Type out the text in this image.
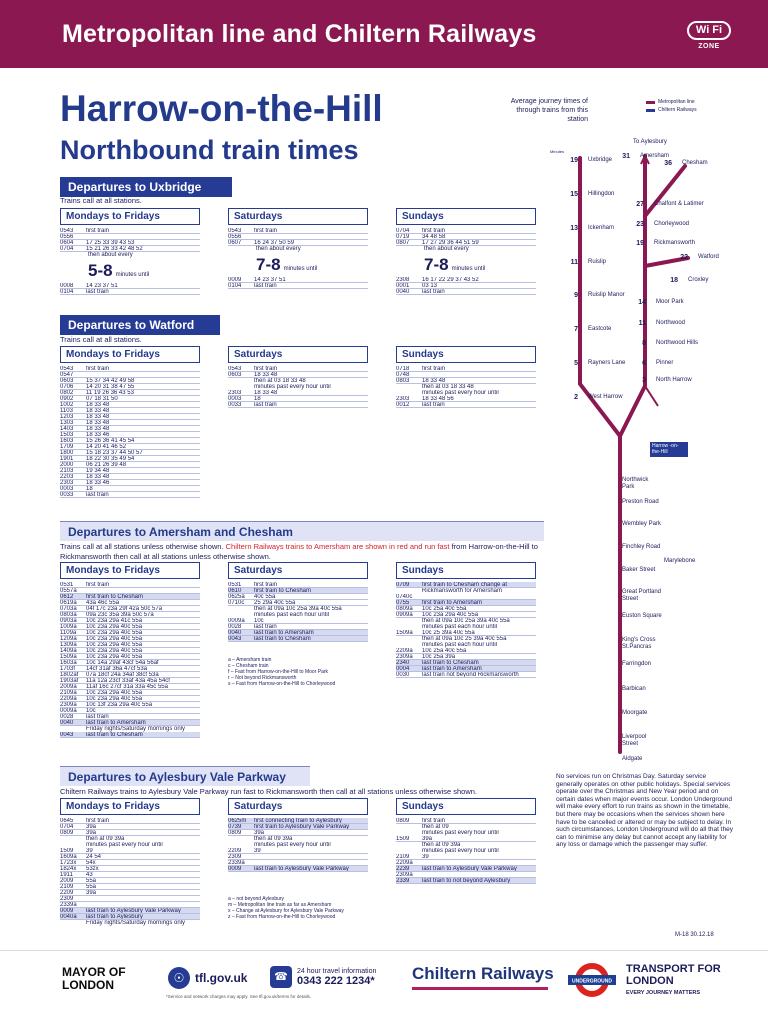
Metropolitan line and Chiltern Railways	Wi Fi
ZONE
Harrow-on-the-Hill
Northbound train times
Average journey times of through trains from this station
Metropolitan line
Chiltern Railways
Departures to Uxbridge
Trains call at all stations.
Mondays to Fridays
0543	first train
0556
0604	17 25 33 39 43 53
0704	15 21 26 33 42 48 52
then about every
5-8 minutes until
0008	14 23 37 51
0104	last train
Saturdays
0543	first train
0556
0607	16 24 37 50 59
then about every
7-8 minutes until
0009	14 23 37 51
0104	last train
Sundays
0704	first train
0719	34 48 58
0807	17 27 29 36 44 51 59
then about every
7-8 minutes until
2308	16 17 22 29 37 43 52
0001	03 13
0040	last train
Departures to Watford
Trains call at all stations.
Mondays to Fridays
0543	first train
0547
0603	15 37 34 42 49 58
0706	14 20 31 38 47 55
0802	11 19 26 36 43 53
0902	07 18 31 50
1002	18 33 48
1103	18 33 48
1203	18 33 48
1303	18 33 48
1403	18 33 48
1503	18 33 46
1603	15 26 36 41 45 54
1709	14 20 41 46 52
1800	15 18 23 37 44 50 57
1901	18 22 30 35 49 54
2000	06 21 26 39 48
2103	19 34 48
2203	18 33 48
2303	18 33 46
0003	18
0033	last train
Saturdays
0543	first train
0603	18 33 48
then at 03 18 33 48
minutes past every hour until
2303	18 33 48
0003	18
0033	last train
Sundays
0718	first train
0748
0803	18 33 48
then at 03 18 33 48
minutes past every hour until
2303	18 33 48 56
0012	last train
Departures to Amersham and Chesham
Trains call at all stations unless otherwise shown. Chiltern Railways trains to Amersham are shown in red and run fast from Harrow-on-the-Hill to Rickmansworth then call at all stations unless otherwise shown.
Mondays to Fridays
0531	first train
0557a
0612	first train to Chesham
0619a	43a 46c 55a
0703a	04f 17c 23a 29f 42a 50c 57a
0803a	09a 23c 35a 39a 50c 57a
0903a	10c 23a 29a 41c 55a
1009a	10c 23a 29a 40c 55a
1109a	10c 23a 29a 40c 55a
1209a	10c 23a 29a 40c 55a
1309a	10c 23a 29a 40c 55a
1409a	10c 23a 29a 40c 55a
1509a	10c 23a 29a 40c 55a
1603a	10c 14a 29af 43cf 54a 56af
1703f	14cf 31af 36a 47cf 53a
1802af	07a 18cf 24a 34af 38cf 53a
1903af	11a 12a 23cf 33af 43a 45a 54cf
2009a	11af 16c 27cf 31a 33a 45c 55a
2109a	10c 23a 29a 40c 55a
2209a	10c 23a 29a 40c 55a
2309a	10c 13f 23a 29a 40c 55a
0009a	10c
0028	last train
0040	last train to Amersham
Friday nights/Saturday mornings only
0043	last train to Chesham
Saturdays
0531	first train
0610	first train to Chesham
0625a	40c 55a
0710c	25 29a 40c 55a
then at 09a 10c 25a 39a 40c 55a
minutes past each hour until
0009a	10c
0028	last train
0040	last train to Amersham
0043	last train to Chesham
Sundays
0709	first train to Chesham change at
Rickmansworth for Amersham
0740c
0755	first train to Amersham
0809a	10c 25a 40c 55a
0909a	10c 23a 29a 40c 55a
then at 09a 10c 25a 39a 40c 55a
minutes past each hour until
1509a	10c 25 39a 40c 55a
then at 09a 10c 25 39a 40c 55a
minutes past each hour until
2209a	10c 25a 40c 55a
2309a	10c 25a 39a
2340	last train to Chesham
0004	last train to Amersham
0030	last train not beyond Rickmansworth
a – Amersham train
c – Chesham train
f – Fast from Harrow-on-the-Hill to Moor Park
r – Not beyond Rickmansworth
s – Fast from Harrow-on-the-Hill to Chorleywood
Departures to Aylesbury Vale Parkway
Chiltern Railways trains to Aylesbury Vale Parkway run fast to Rickmansworth then call at all stations unless otherwise shown.
Mondays to Fridays
0645	first train
0704	39a
0809	39a
then at 09 39a
minutes past every hour until
1509	39
1609a	24 54
1723x	54x
1824x	53zx
1911	43
2009	55a
2109	55a
2209	39a
2309
2339a
0009	last train to Aylesbury Vale Parkway
0040a	last train to Aylesbury
Friday nights/Saturday mornings only
Saturdays
0625m	first connecting train to Aylesbury
0739	first train to Aylesbury Vale Parkway
0809	39a
then at 09 39a
minutes past every hour until
2209	39
2309
2339a
0009	last train to Aylesbury Vale Parkway
Sundays
0809	first train
then at 09
minutes past every hour until
1509	39a
then at 09 39a
minutes past every hour until
2109	39
2209a
2239	last train to Aylesbury Vale Parkway
2309a
2339	last train to not beyond Aylesbury
a – not beyond Aylesbury
m – Metropolitan line train as far as Amersham
x – Change at Aylesbury for Aylesbury Vale Parkway
z – Fast from Harrow-on-the-Hill to Chorleywood
Minutes
To Aylesbury
19 Uxbridge
15 Hillingdon
13 Ickenham
11 Ruislip
9 Ruislip Manor
7 Eastcote
5 Rayners Lane
2 West Harrow
31 Amersham
36 Chesham
27 Chalfont & Latimer
23 Chorleywood
19 Rickmansworth
22 Watford
18 Croxley
14 Moor Park
11 Northwood
8 Northwood Hills
6 Pinner
3 North Harrow
Harrow -on-the-Hill
Northwick Park
Preston Road
Wembley Park
Finchley Road
Marylebone
Baker Street
Great Portland Street
Euston Square
King's Cross St.Pancras
Farringdon
Barbican
Moorgate
Liverpool Street
Aldgate
No services run on Christmas Day. Saturday service generally operates on other public holidays. Special services operate over the Christmas and New Year period and on certain dates when major events occur. London Underground will make every effort to run trains as shown in the timetable, but there may be occasions when the services shown here have to be cancelled or altered or may be subject to delay. In such circumstances, London Underground will do all that they can to minimise any delay but cannot accept any liability for any loss or damage which the passenger may suffer.
M-18 30.12.18
MAYOR OF LONDON	☉ tfl.gov.uk	☎	24 hour travel information
0343 222 1234*
*Service and network charges may apply. See tfl.gov.uk/terms for details.
Chiltern Railways	UNDERGROUND
TRANSPORT FOR LONDON
EVERY JOURNEY MATTERS
